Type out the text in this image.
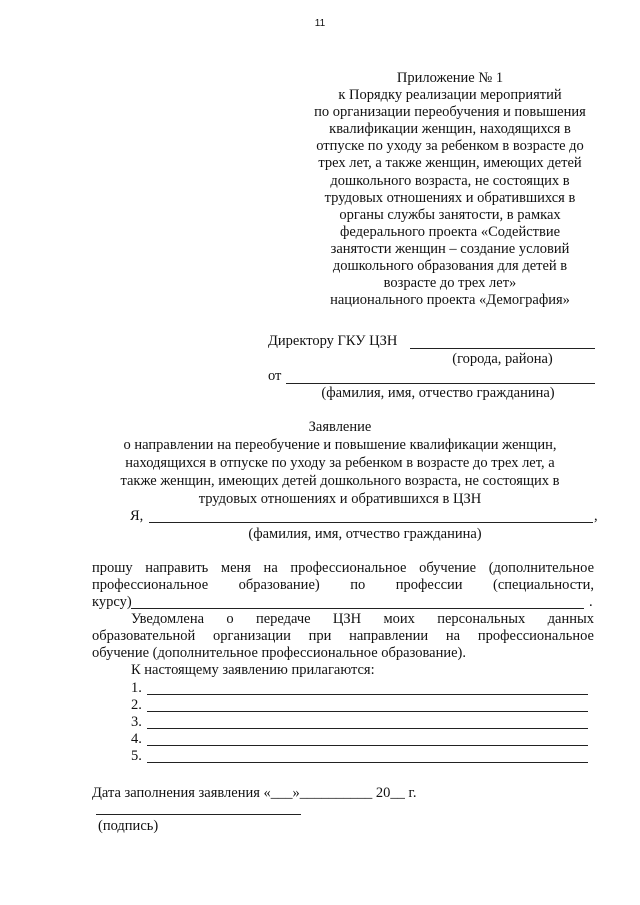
11
Приложение № 1
к Порядку реализации мероприятий
по организации переобучения и повышения
квалификации женщин, находящихся в
отпуске по уходу за ребенком в возрасте до
трех лет, а также женщин, имеющих детей
дошкольного возраста, не состоящих в
трудовых отношениях и обратившихся в
органы службы занятости, в рамках
федерального проекта «Содействие
занятости женщин – создание условий
дошкольного образования для детей в
возрасте до трех лет»
национального проекта «Демография»
Директору ГКУ ЦЗН
(города, района)
от
(фамилия, имя, отчество гражданина)
Заявление
о направлении на переобучение и повышение квалификации женщин,
находящихся в отпуске по уходу за ребенком в возрасте до трех лет, а
также женщин, имеющих детей дошкольного возраста, не состоящих в
трудовых отношениях и обратившихся в ЦЗН
Я,	,
(фамилия, имя, отчество гражданина)
прошу направить меня на профессиональное обучение (дополнительное
профессиональное образование) по профессии (специальности,
курсу)	.
Уведомлена о передаче ЦЗН моих персональных данных
образовательной организации при направлении на профессиональное
обучение (дополнительное профессиональное образование).
К настоящему заявлению прилагаются:
1.
2.
3.
4.
5.
Дата заполнения заявления «___»__________ 20__ г.
(подпись)
